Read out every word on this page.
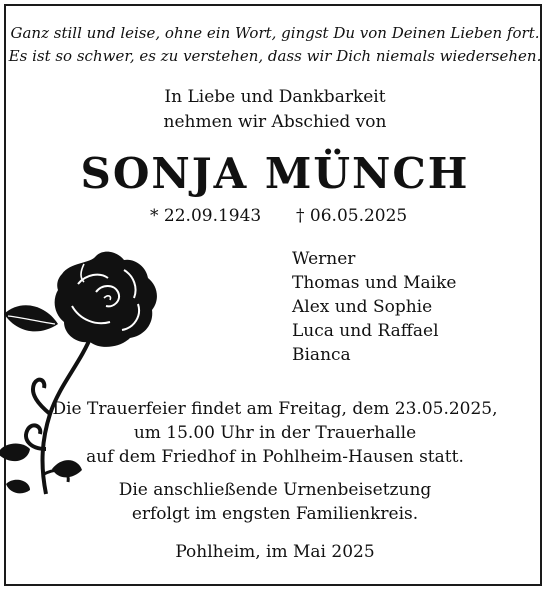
Ganz still und leise, ohne ein Wort, gingst Du von Deinen Lieben fort.
Es ist so schwer, es zu verstehen, dass wir Dich niemals wiedersehen.
In Liebe und Dankbarkeit
nehmen wir Abschied von
SONJA MÜNCH
* 22.09.1943 † 06.05.2025
Werner
Thomas und Maike
Alex und Sophie
Luca und Raffael
Bianca
Die Trauerfeier findet am Freitag, dem 23.05.2025,
um 15.00 Uhr in der Trauerhalle
auf dem Friedhof in Pohlheim-Hausen statt.
Die anschließende Urnenbeisetzung
erfolgt im engsten Familienkreis.
Pohlheim, im Mai 2025
